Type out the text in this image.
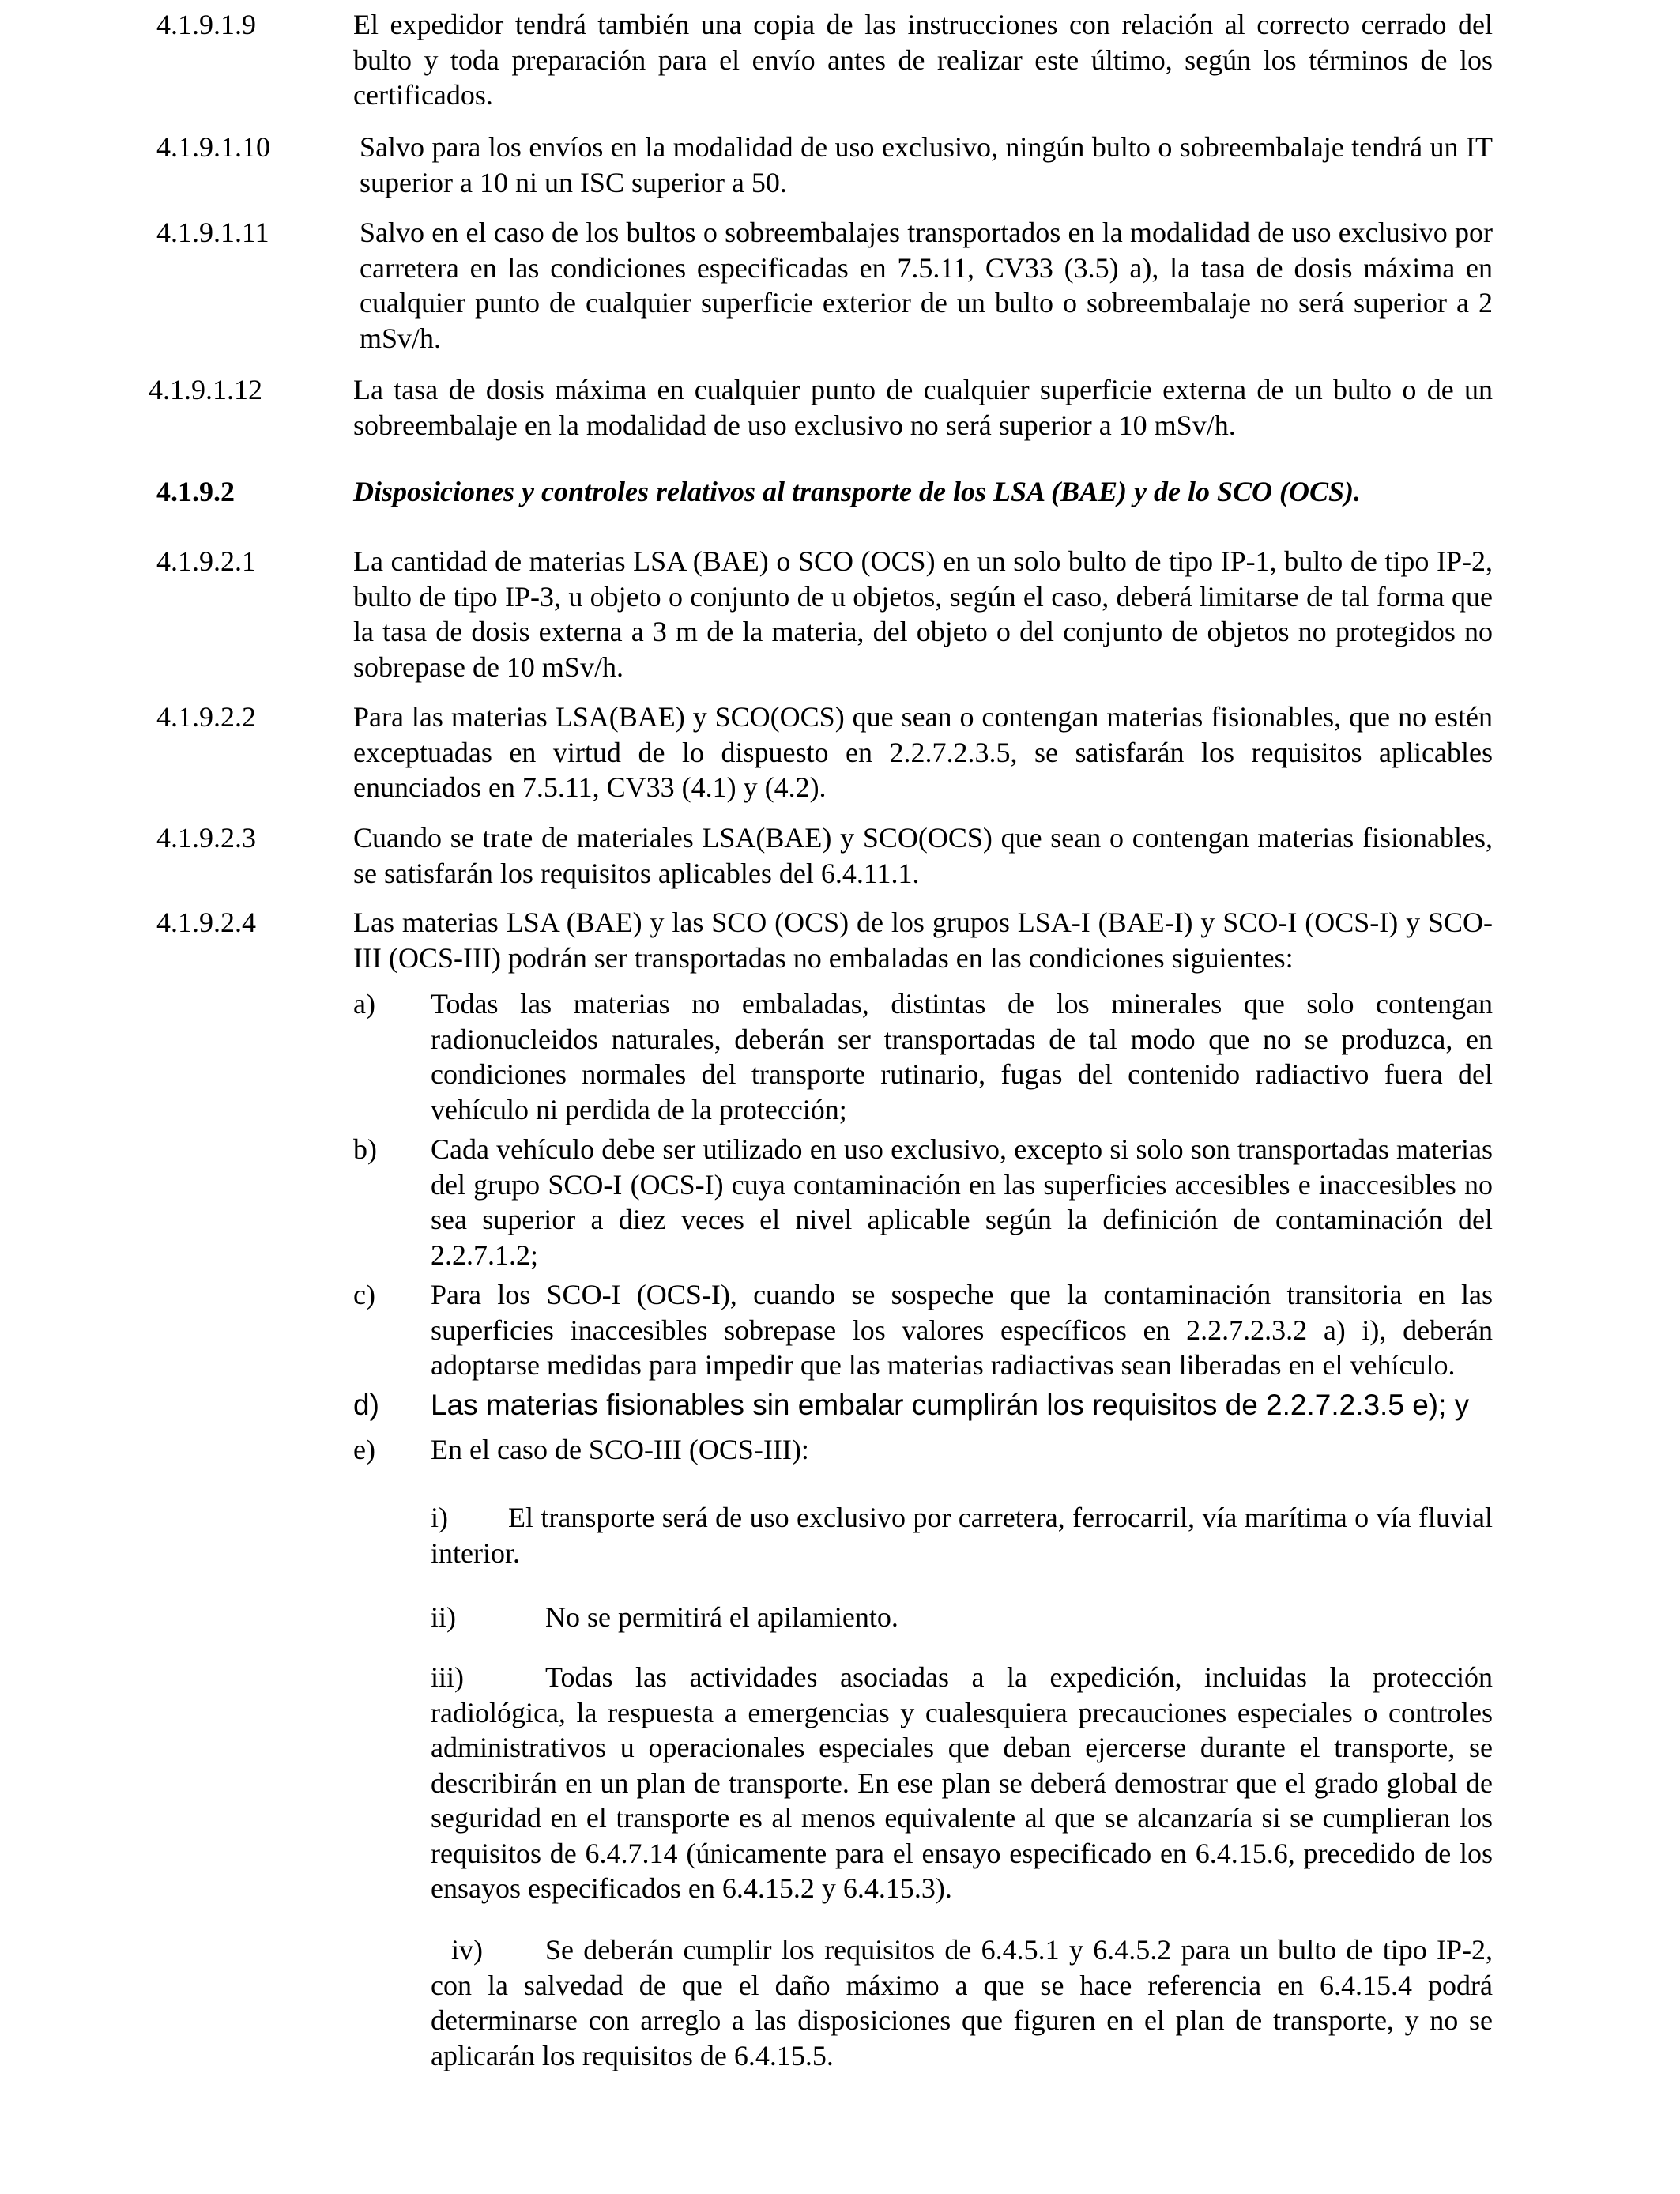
4.1.9.1.9	El expedidor tendrá también una copia de las instrucciones con relación al correcto cerrado del bulto y toda preparación para el envío antes de realizar este último, según los términos de los certificados.
4.1.9.1.10	Salvo para los envíos en la modalidad de uso exclusivo, ningún bulto o sobreembalaje tendrá un IT superior a 10 ni un ISC superior a 50.
4.1.9.1.11	Salvo en el caso de los bultos o sobreembalajes transportados en la modalidad de uso exclusivo por carretera en las condiciones especificadas en 7.5.11, CV33 (3.5) a), la tasa de dosis máxima en cualquier punto de cualquier superficie exterior de un bulto o sobreembalaje no será superior a 2 mSv/h.
4.1.9.1.12	La tasa de dosis máxima en cualquier punto de cualquier superficie externa de un bulto o de un sobreembalaje en la modalidad de uso exclusivo no será superior a 10 mSv/h.
4.1.9.2	Disposiciones y controles relativos al transporte de los LSA (BAE) y de lo SCO (OCS).
4.1.9.2.1	La cantidad de materias LSA (BAE) o SCO (OCS) en un solo bulto de tipo IP-1, bulto de tipo IP-2, bulto de tipo IP-3, u objeto o conjunto de u objetos, según el caso, deberá limitarse de tal forma que la tasa de dosis externa a 3 m de la materia, del objeto o del conjunto de objetos no protegidos no sobrepase de 10 mSv/h.
4.1.9.2.2	Para las materias LSA(BAE) y SCO(OCS) que sean o contengan materias fisionables, que no estén exceptuadas en virtud de lo dispuesto en 2.2.7.2.3.5, se satisfarán los requisitos aplicables enunciados en 7.5.11, CV33 (4.1) y (4.2).
4.1.9.2.3	Cuando se trate de materiales LSA(BAE) y SCO(OCS) que sean o contengan materias fisionables, se satisfarán los requisitos aplicables del 6.4.11.1.
4.1.9.2.4	Las materias LSA (BAE) y las SCO (OCS) de los grupos LSA-I (BAE-I) y SCO-I (OCS-I) y SCO-III (OCS-III) podrán ser transportadas no embaladas en las condiciones siguientes:
a) Todas las materias no embaladas, distintas de los minerales que solo contengan radionucleidos naturales, deberán ser transportadas de tal modo que no se produzca, en condiciones normales del transporte rutinario, fugas del contenido radiactivo fuera del vehículo ni perdida de la protección;
b) Cada vehículo debe ser utilizado en uso exclusivo, excepto si solo son transportadas materias del grupo SCO-I (OCS-I) cuya contaminación en las superficies accesibles e inaccesibles no sea superior a diez veces el nivel aplicable según la definición de contaminación del 2.2.7.1.2;
c) Para los SCO-I (OCS-I), cuando se sospeche que la contaminación transitoria en las superficies inaccesibles sobrepase los valores específicos en 2.2.7.2.3.2 a) i), deberán adoptarse medidas para impedir que las materias radiactivas sean liberadas en el vehículo.
d) Las materias fisionables sin embalar cumplirán los requisitos de 2.2.7.2.3.5 e); y
e) En el caso de SCO-III (OCS-III):
i) El transporte será de uso exclusivo por carretera, ferrocarril, vía marítima o vía fluvial interior.
ii)	No se permitirá el apilamiento.
iii)	Todas las actividades asociadas a la expedición, incluidas la protección radiológica, la respuesta a emergencias y cualesquiera precauciones especiales o controles administrativos u operacionales especiales que deban ejercerse durante el transporte, se describirán en un plan de transporte. En ese plan se deberá demostrar que el grado global de seguridad en el transporte es al menos equivalente al que se alcanzaría si se cumplieran los requisitos de 6.4.7.14 (únicamente para el ensayo especificado en 6.4.15.6, precedido de los ensayos especificados en 6.4.15.2 y 6.4.15.3).
iv) Se deberán cumplir los requisitos de 6.4.5.1 y 6.4.5.2 para un bulto de tipo IP-2, con la salvedad de que el daño máximo a que se hace referencia en 6.4.15.4 podrá determinarse con arreglo a las disposiciones que figuren en el plan de transporte, y no se aplicarán los requisitos de 6.4.15.5.
